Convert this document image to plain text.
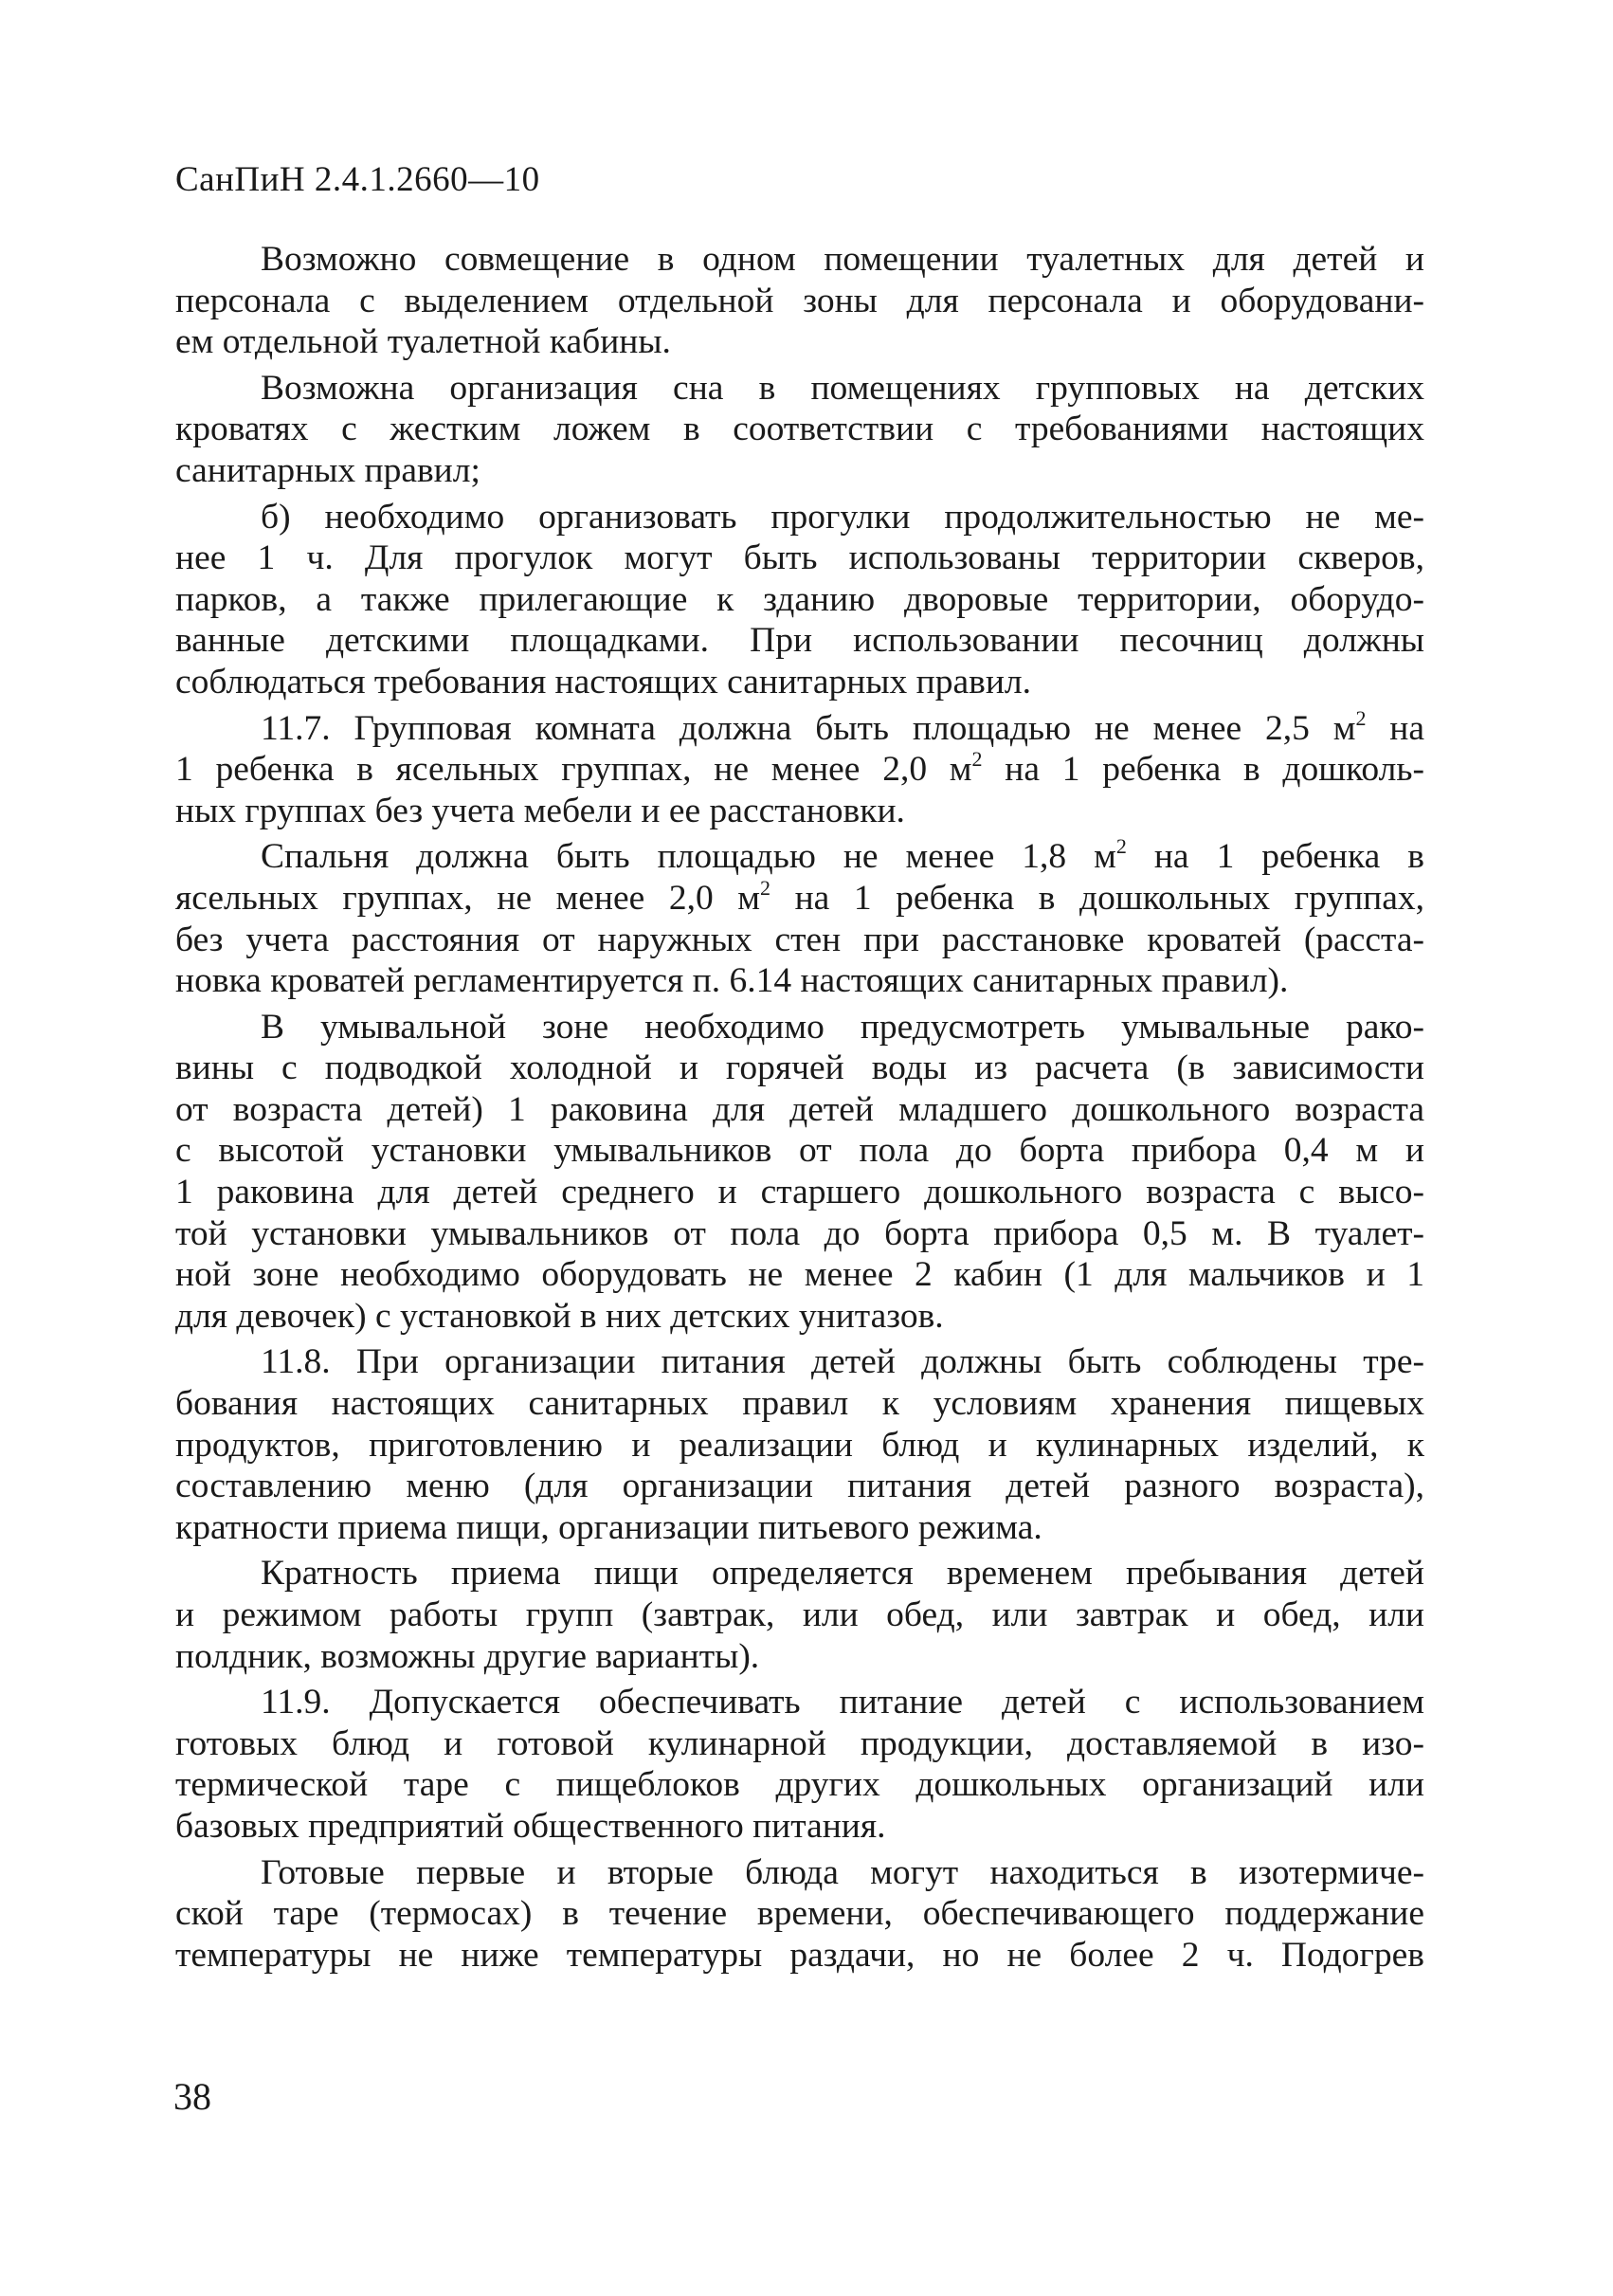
СанПиН 2.4.1.2660—10
Возможно совмещение в одном помещении туалетных для детей и
персонала с выделением отдельной зоны для персонала и оборудовани-
ем отдельной туалетной кабины.
Возможна организация сна в помещениях групповых на детских
кроватях с жестким ложем в соответствии с требованиями настоящих
санитарных правил;
б) необходимо организовать прогулки продолжительностью не ме-
нее 1 ч. Для прогулок могут быть использованы территории скверов,
парков, а также прилегающие к зданию дворовые территории, оборудо-
ванные детскими площадками. При использовании песочниц должны
соблюдаться требования настоящих санитарных правил.
11.7. Групповая комната должна быть площадью не менее 2,5 $м^2$ на
1 ребенка в ясельных группах, не менее 2,0 $м^2$ на 1 ребенка в дошколь-
ных группах без учета мебели и ее расстановки.
Спальня должна быть площадью не менее 1,8 $м^2$ на 1 ребенка в
ясельных группах, не менее 2,0 $м^2$ на 1 ребенка в дошкольных группах,
без учета расстояния от наружных стен при расстановке кроватей (расста-
новка кроватей регламентируется п. 6.14 настоящих санитарных правил).
В умывальной зоне необходимо предусмотреть умывальные рако-
вины с подводкой холодной и горячей воды из расчета (в зависимости
от возраста детей) 1 раковина для детей младшего дошкольного возраста
с высотой установки умывальников от пола до борта прибора 0,4 м и
1 раковина для детей среднего и старшего дошкольного возраста с высо-
той установки умывальников от пола до борта прибора 0,5 м. В туалет-
ной зоне необходимо оборудовать не менее 2 кабин (1 для мальчиков и 1
для девочек) с установкой в них детских унитазов.
11.8. При организации питания детей должны быть соблюдены тре-
бования настоящих санитарных правил к условиям хранения пищевых
продуктов, приготовлению и реализации блюд и кулинарных изделий, к
составлению меню (для организации питания детей разного возраста),
кратности приема пищи, организации питьевого режима.
Кратность приема пищи определяется временем пребывания детей
и режимом работы групп (завтрак, или обед, или завтрак и обед, или
полдник, возможны другие варианты).
11.9. Допускается обеспечивать питание детей с использованием
готовых блюд и готовой кулинарной продукции, доставляемой в изо-
термической таре с пищеблоков других дошкольных организаций или
базовых предприятий общественного питания.
Готовые первые и вторые блюда могут находиться в изотермиче-
ской таре (термосах) в течение времени, обеспечивающего поддержание
температуры не ниже температуры раздачи, но не более 2 ч. Подогрев
38
